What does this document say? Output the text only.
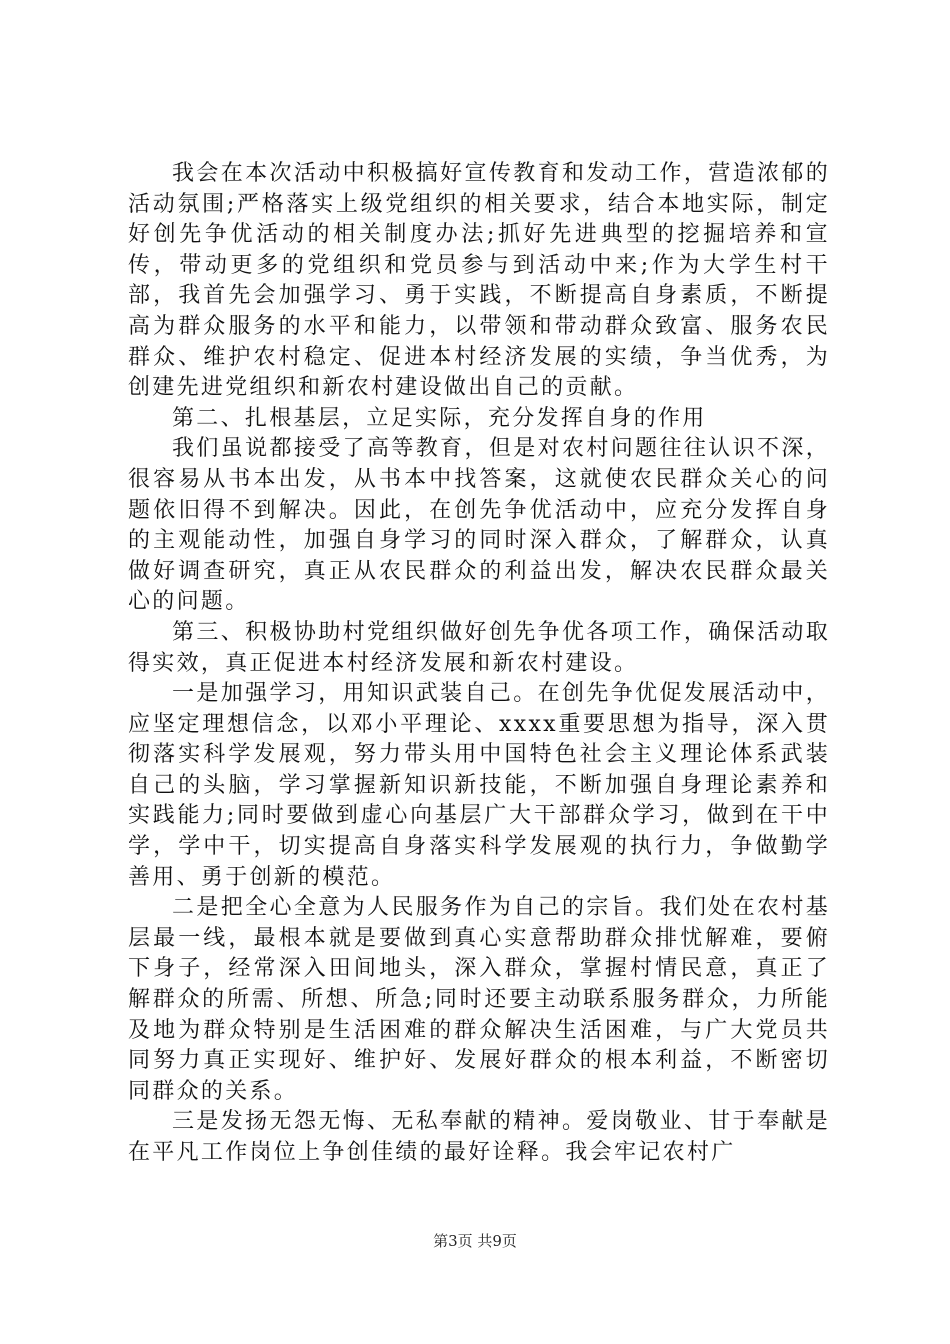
我会在本次活动中积极搞好宣传教育和发动工作，营造浓郁的活动氛围;严格落实上级党组织的相关要求，结合本地实际，制定好创先争优活动的相关制度办法;抓好先进典型的挖掘培养和宣传，带动更多的党组织和党员参与到活动中来;作为大学生村干部，我首先会加强学习、勇于实践，不断提高自身素质，不断提高为群众服务的水平和能力，以带领和带动群众致富、服务农民群众、维护农村稳定、促进本村经济发展的实绩，争当优秀，为创建先进党组织和新农村建设做出自己的贡献。

第二、扎根基层，立足实际，充分发挥自身的作用

我们虽说都接受了高等教育，但是对农村问题往往认识不深，很容易从书本出发，从书本中找答案，这就使农民群众关心的问题依旧得不到解决。因此，在创先争优活动中，应充分发挥自身的主观能动性，加强自身学习的同时深入群众，了解群众，认真做好调查研究，真正从农民群众的利益出发，解决农民群众最关心的问题。

第三、积极协助村党组织做好创先争优各项工作，确保活动取得实效，真正促进本村经济发展和新农村建设。

一是加强学习，用知识武装自己。在创先争优促发展活动中，应坚定理想信念，以邓小平理论、xxxx重要思想为指导，深入贯彻落实科学发展观，努力带头用中国特色社会主义理论体系武装自己的头脑，学习掌握新知识新技能，不断加强自身理论素养和实践能力;同时要做到虚心向基层广大干部群众学习，做到在干中学，学中干，切实提高自身落实科学发展观的执行力，争做勤学善用、勇于创新的模范。

二是把全心全意为人民服务作为自己的宗旨。我们处在农村基层最一线，最根本就是要做到真心实意帮助群众排忧解难，要俯下身子，经常深入田间地头，深入群众，掌握村情民意，真正了解群众的所需、所想、所急;同时还要主动联系服务群众，力所能及地为群众特别是生活困难的群众解决生活困难，与广大党员共同努力真正实现好、维护好、发展好群众的根本利益，不断密切同群众的关系。

三是发扬无怨无悔、无私奉献的精神。爱岗敬业、甘于奉献是在平凡工作岗位上争创佳绩的最好诠释。我会牢记农村广

第3页 共9页
